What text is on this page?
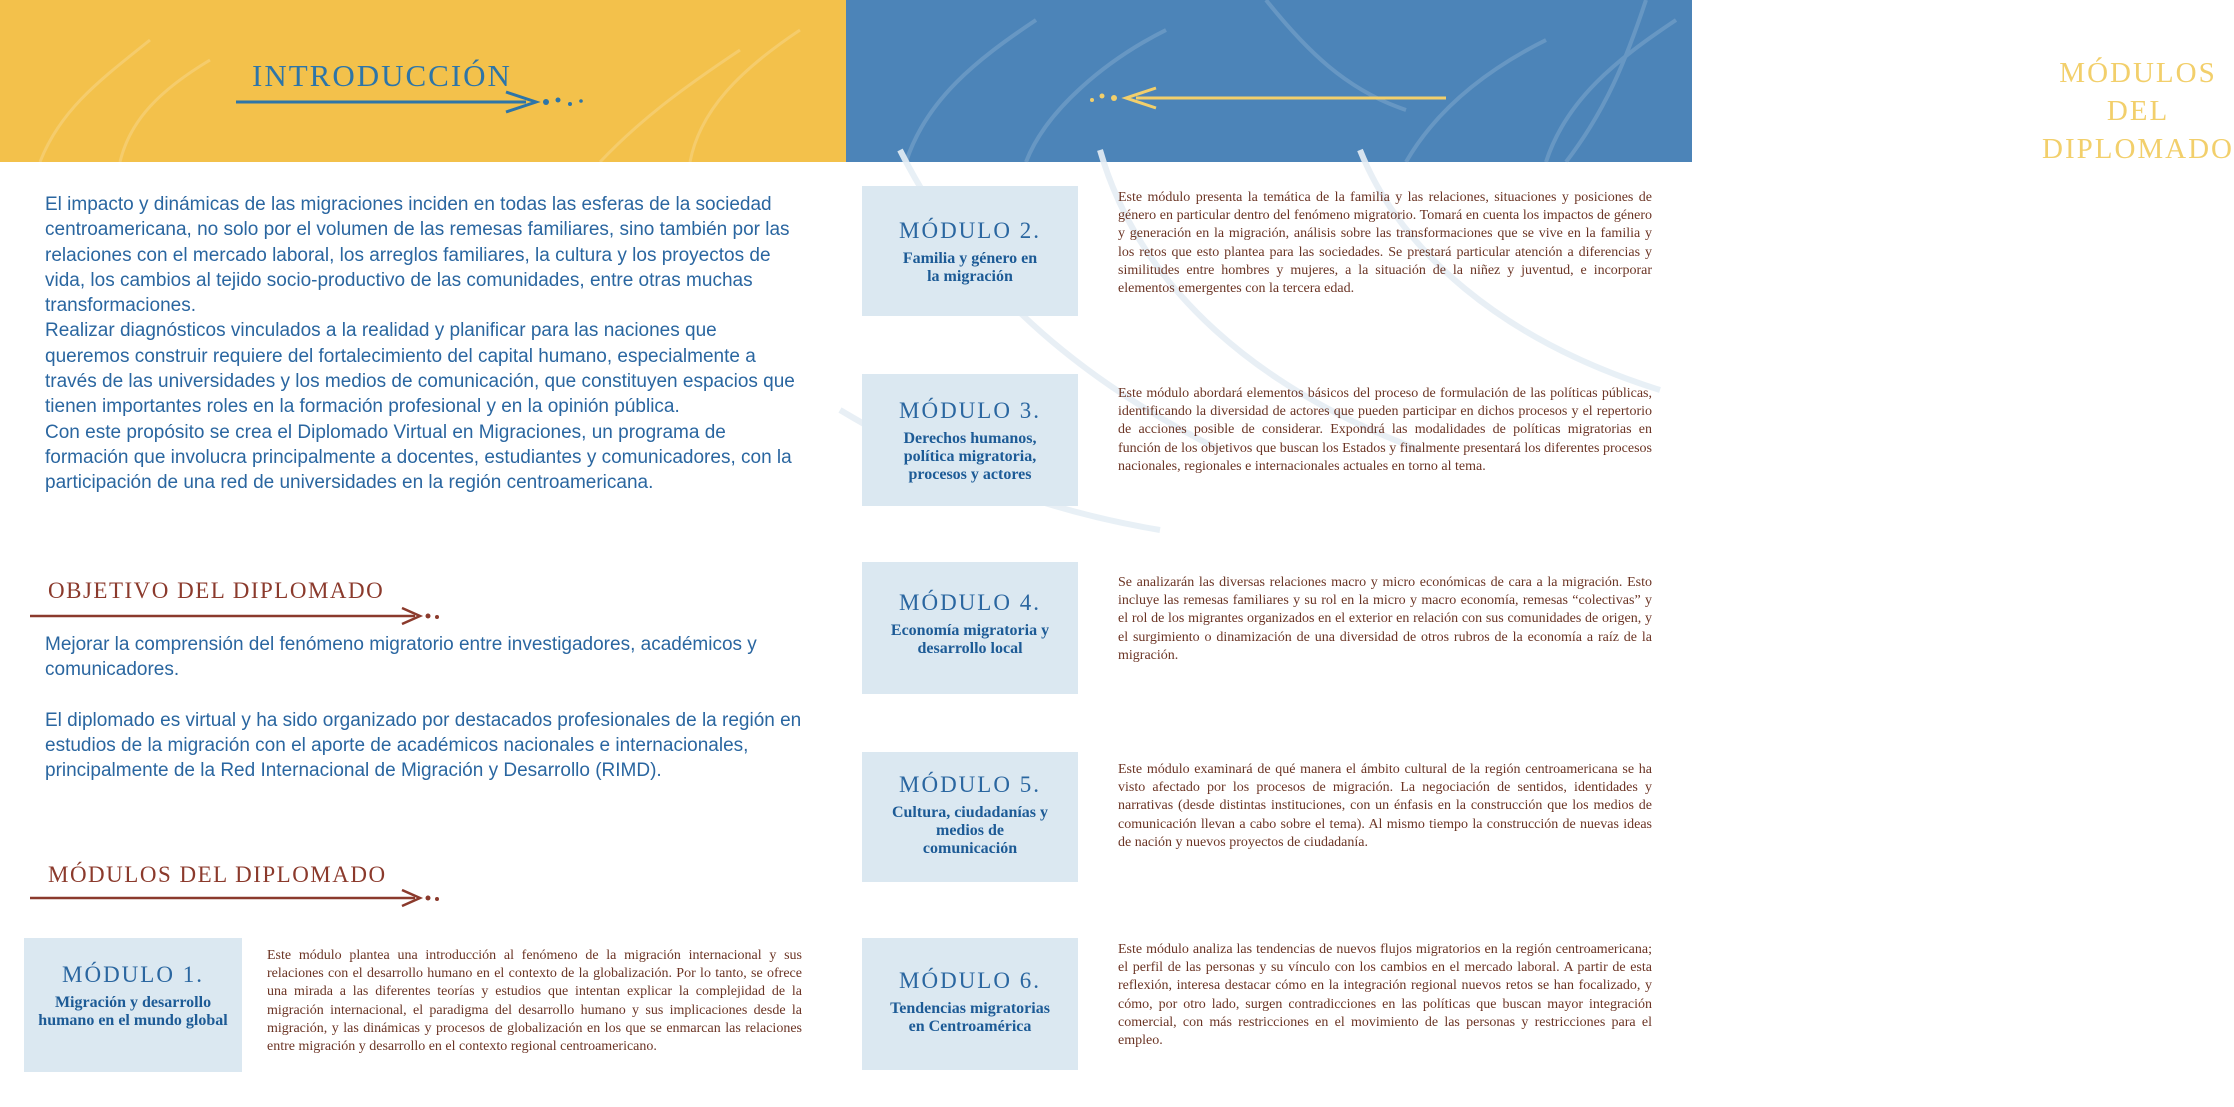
INTRODUCCIÓN	MÓDULOS DEL
DIPLOMADO

El impacto y dinámicas de las migraciones inciden en todas las esferas de la sociedad centroamericana, no solo por el volumen de las remesas familiares, sino también por las relaciones con el mercado laboral, los arreglos familiares, la cultura y los proyectos de vida, los cambios al tejido socio-productivo de las comunidades, entre otras muchas transformaciones.

Realizar diagnósticos vinculados a la realidad y planificar para las naciones que queremos construir requiere del fortalecimiento del capital humano, especialmente a través de las universidades y los medios de comunicación, que constituyen espacios que tienen importantes roles en la formación profesional y en la opinión pública.

Con este propósito se crea el Diplomado Virtual en Migraciones, un programa de formación que involucra principalmente a docentes, estudiantes y comunicadores, con la participación de una red de universidades en la región centroamericana.

OBJETIVO DEL DIPLOMADO

Mejorar la comprensión del fenómeno migratorio entre investigadores, académicos y comunicadores.

El diplomado es virtual y ha sido organizado por destacados profesionales de la región en estudios de la migración con el aporte de académicos nacionales e internacionales, principalmente de la Red Internacional de Migración y Desarrollo (RIMD).

MÓDULOS DEL DIPLOMADO
MÓDULO 1.
Migración y desarrollo humano en el mundo global

Este módulo plantea una introducción al fenómeno de la migración internacional y sus relaciones con el desarrollo humano en el contexto de la globalización. Por lo tanto, se ofrece una mirada a las diferentes teorías y estudios que intentan explicar la complejidad de la migración internacional, el paradigma del desarrollo humano y sus implicaciones desde la migración, y las dinámicas y procesos de globalización en los que se enmarcan las relaciones entre migración y desarrollo en el contexto regional centroamericano.

MÓDULO 2.
Familia y género en la migración

Este módulo presenta la temática de la familia y las relaciones, situaciones y posiciones de género en particular dentro del fenómeno migratorio. Tomará en cuenta los impactos de género y generación en la migración, análisis sobre las transformaciones que se vive en la familia y los retos que esto plantea para las sociedades. Se prestará particular atención a diferencias y similitudes entre hombres y mujeres, a la situación de la niñez y juventud, e incorporar elementos emergentes con la tercera edad.

MÓDULO 3.
Derechos humanos, política migratoria, procesos y actores

Este módulo abordará elementos básicos del proceso de formulación de las políticas públicas, identificando la diversidad de actores que pueden participar en dichos procesos y el repertorio de acciones posible de considerar. Expondrá las modalidades de políticas migratorias en función de los objetivos que buscan los Estados y finalmente presentará los diferentes procesos nacionales, regionales e internacionales actuales en torno al tema.

MÓDULO 4.
Economía migratoria y desarrollo local

Se analizarán las diversas relaciones macro y micro económicas de cara a la migración. Esto incluye las remesas familiares y su rol en la micro y macro economía, remesas “colectivas” y el rol de los migrantes organizados en el exterior en relación con sus comunidades de origen, y el surgimiento o dinamización de una diversidad de otros rubros de la economía a raíz de la migración.

MÓDULO 5.
Cultura, ciudadanías y medios de comunicación

Este módulo examinará de qué manera el ámbito cultural de la región centroamericana se ha visto afectado por los procesos de migración. La negociación de sentidos, identidades y narrativas (desde distintas instituciones, con un énfasis en la construcción que los medios de comunicación llevan a cabo sobre el tema). Al mismo tiempo la construcción de nuevas ideas de nación y nuevos proyectos de ciudadanía.

MÓDULO 6.
Tendencias migratorias en Centroamérica

Este módulo analiza las tendencias de nuevos flujos migratorios en la región centroamericana; el perfil de las personas y su vínculo con los cambios en el mercado laboral. A partir de esta reflexión, interesa destacar cómo en la integración regional nuevos retos se han focalizado, y cómo, por otro lado, surgen contradicciones en las políticas que buscan mayor integración comercial, con más restricciones en el movimiento de las personas y restricciones para el empleo.
